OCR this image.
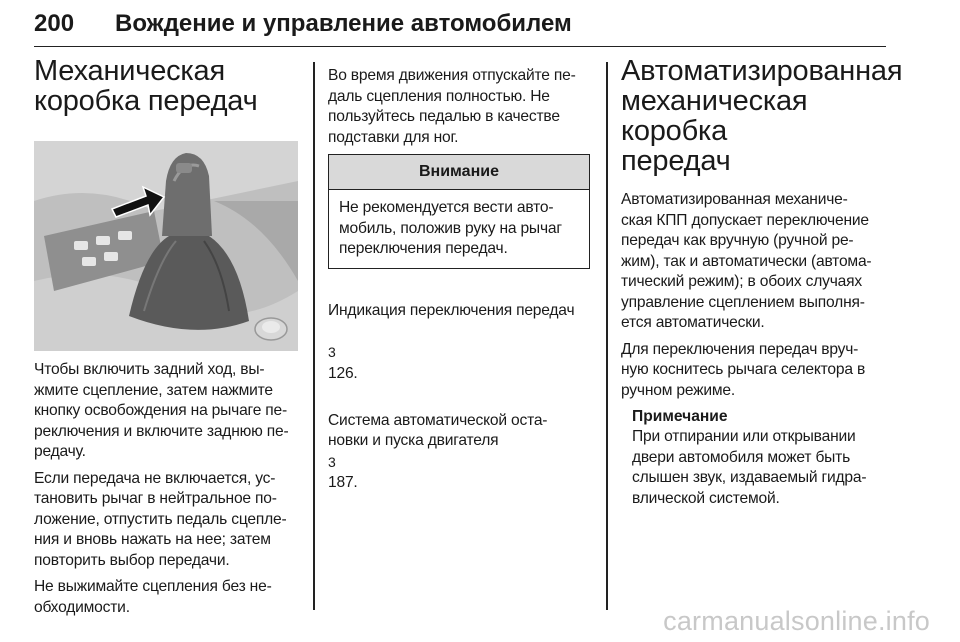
200 Вождение и управление автомобилем
Механическая
коробка передач

Чтобы включить задний ход, вы-
жмите сцепление, затем нажмите
кнопку освобождения на рычаге пе-
реключения и включите заднюю пе-
редачу.

Если передача не включается, ус-
тановить рычаг в нейтральное по-
ложение, отпустить педаль сцепле-
ния и вновь нажать на нее; затем
повторить выбор передачи.

Не выжимайте сцепления без не-
обходимости.

Во время движения отпускайте пе-
даль сцепления полностью. Не
пользуйтесь педалью в качестве
подставки для ног.

Внимание

Не рекомендуется вести авто-
мобиль, положив руку на рычаг
переключения передач.

Индикация переключения передач

3
126.

Система автоматической оста-
новки и пуска двигателя
3
187.

Автоматизированная
механическая коробка
передач

Автоматизированная механиче-
ская КПП допускает переключение
передач как вручную (ручной ре-
жим), так и автоматически (автома-
тический режим); в обоих случаях
управление сцеплением выполня-
ется автоматически.

Для переключения передач вруч-
ную коснитесь рычага селектора в
ручном режиме.

Примечание

При отпирании или открывании
двери автомобиля может быть
слышен звук, издаваемый гидра-
влической системой.

carmanualsonline.info
